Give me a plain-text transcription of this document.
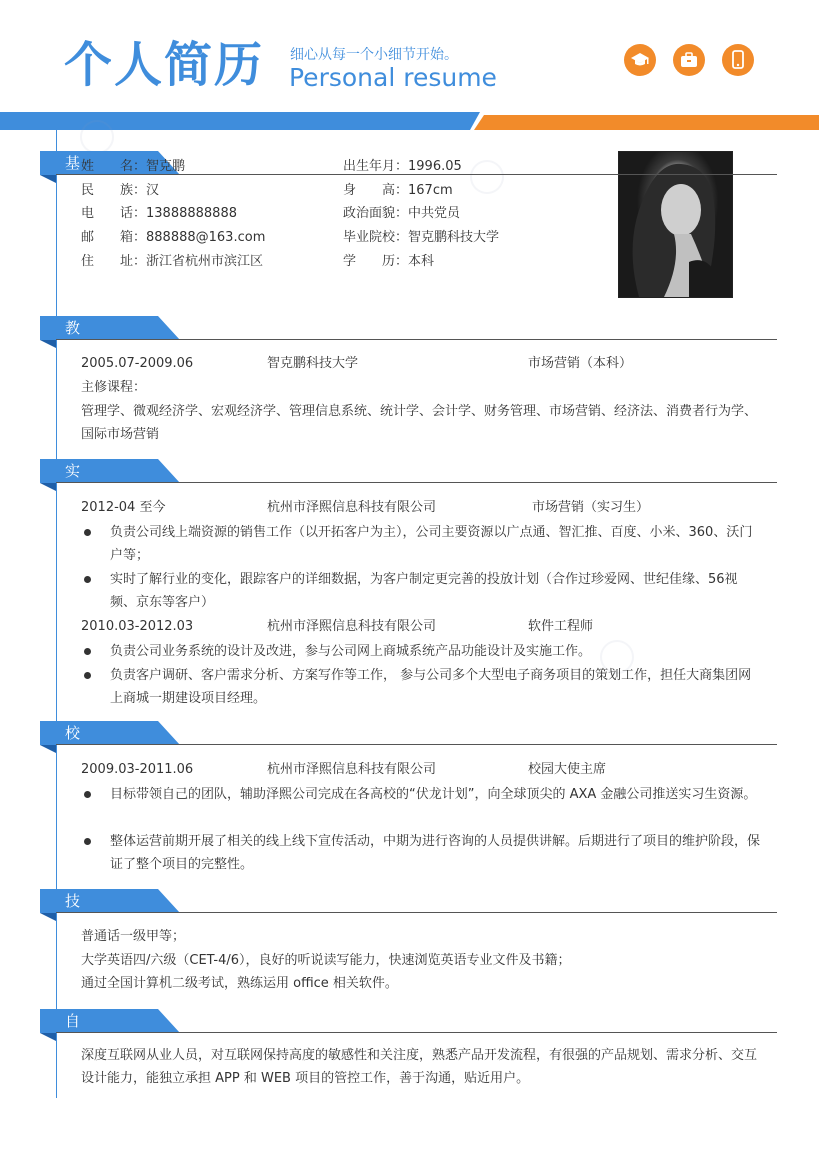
个人简历 细心从每一个小细节开始。
Personal resume
基本信息
姓　　名：智克鹏
民　　族：汉
电　　话：13888888888
邮　　箱：888888@163.com
住　　址：浙江省杭州市滨江区
出生年月：1996.05
身　　高：167cm
政治面貌：中共党员
毕业院校：智克鹏科技大学
学　　历：本科
教育背景
2005.07-2009.06	智克鹏科技大学	市场营销（本科）
主修课程：
管理学、微观经济学、宏观经济学、管理信息系统、统计学、会计学、财务管理、市场营销、经济法、消费者行为学、国际市场营销
实习经历
2012-04 至今	杭州市泽熙信息科技有限公司	市场营销（实习生）
负责公司线上端资源的销售工作（以开拓客户为主），公司主要资源以广点通、智汇推、百度、小米、360、沃门户等；
实时了解行业的变化，跟踪客户的详细数据，为客户制定更完善的投放计划（合作过珍爱网、世纪佳缘、56视频、京东等客户）
2010.03-2012.03	杭州市泽熙信息科技有限公司	软件工程师
负责公司业务系统的设计及改进，参与公司网上商城系统产品功能设计及实施工作。
负责客户调研、客户需求分析、方案写作等工作， 参与公司多个大型电子商务项目的策划工作，担任大商集团网上商城一期建设项目经理。
校园经历
2009.03-2011.06	杭州市泽熙信息科技有限公司	校园大使主席
目标带领自己的团队，辅助泽熙公司完成在各高校的“伏龙计划”，向全球顶尖的 AXA 金融公司推送实习生资源。
整体运营前期开展了相关的线上线下宣传活动，中期为进行咨询的人员提供讲解。后期进行了项目的维护阶段，保证了整个项目的完整性。
技能证书
普通话一级甲等；
大学英语四/六级（CET-4/6），良好的听说读写能力，快速浏览英语专业文件及书籍；
通过全国计算机二级考试，熟练运用 office 相关软件。
自我评价
深度互联网从业人员，对互联网保持高度的敏感性和关注度，熟悉产品开发流程，有很强的产品规划、需求分析、交互设计能力，能独立承担 APP 和 WEB 项目的管控工作，善于沟通，贴近用户。
